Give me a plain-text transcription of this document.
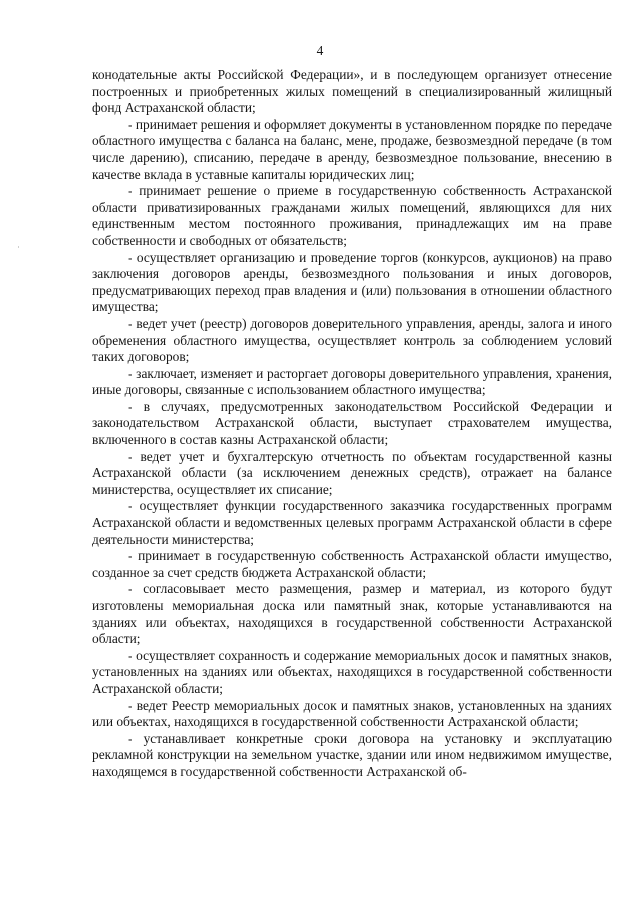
4

конодательные акты Российской Федерации», и в последующем организует отнесение построенных и приобретенных жилых помещений в специализированный жилищный фонд Астраханской области;

- принимает решения и оформляет документы в установленном порядке по передаче областного имущества с баланса на баланс, мене, продаже, безвозмездной передаче (в том числе дарению), списанию, передаче в аренду, безвозмездное пользование, внесению в качестве вклада в уставные капиталы юридических лиц;

- принимает решение о приеме в государственную собственность Астраханской области приватизированных гражданами жилых помещений, являющихся для них единственным местом постоянного проживания, принадлежащих им на праве собственности и свободных от обязательств;

- осуществляет организацию и проведение торгов (конкурсов, аукционов) на право заключения договоров аренды, безвозмездного пользования и иных договоров, предусматривающих переход прав владения и (или) пользования в отношении областного имущества;

- ведет учет (реестр) договоров доверительного управления, аренды, залога и иного обременения областного имущества, осуществляет контроль за соблюдением условий таких договоров;

- заключает, изменяет и расторгает договоры доверительного управления, хранения, иные договоры, связанные с использованием областного имущества;

- в случаях, предусмотренных законодательством Российской Федерации и законодательством Астраханской области, выступает страхователем имущества, включенного в состав казны Астраханской области;

- ведет учет и бухгалтерскую отчетность по объектам государственной казны Астраханской области (за исключением денежных средств), отражает на балансе министерства, осуществляет их списание;

- осуществляет функции государственного заказчика государственных программ Астраханской области и ведомственных целевых программ Астраханской области в сфере деятельности министерства;

- принимает в государственную собственность Астраханской области имущество, созданное за счет средств бюджета Астраханской области;

- согласовывает место размещения, размер и материал, из которого будут изготовлены мемориальная доска или памятный знак, которые устанавливаются на зданиях или объектах, находящихся в государственной собственности Астраханской области;

- осуществляет сохранность и содержание мемориальных досок и памятных знаков, установленных на зданиях или объектах, находящихся в государственной собственности Астраханской области;

- ведет Реестр мемориальных досок и памятных знаков, установленных на зданиях или объектах, находящихся в государственной собственности Астраханской области;

- устанавливает конкретные сроки договора на установку и эксплуатацию рекламной конструкции на земельном участке, здании или ином недвижимом имуществе, находящемся в государственной собственности Астраханской об-
